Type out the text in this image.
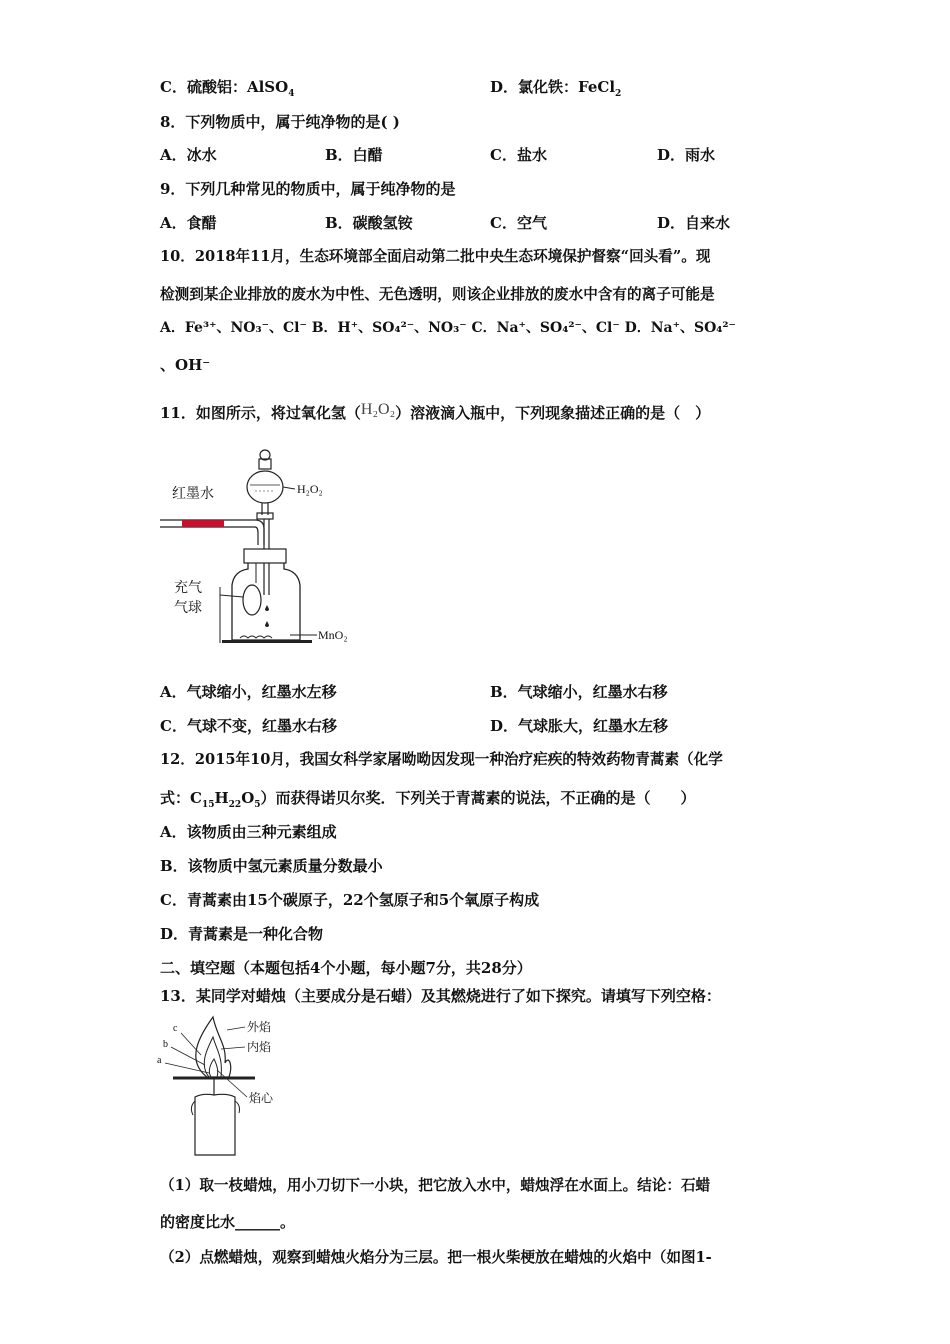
C．硫酸铝：AlSO$_4$	D．氯化铁：FeCl$_2$
8．下列物质中，属于纯净物的是( )
A．冰水	B．白醋	C．盐水	D．雨水
9．下列几种常见的物质中，属于纯净物的是
A．食醋	B．碳酸氢铵	C．空气	D．自来水
10．2018年11月，生态环境部全面启动第二批中央生态环境保护督察“回头看”。现
检测到某企业排放的废水为中性、无色透明，则该企业排放的废水中含有的离子可能是
A．Fe³⁺、NO₃⁻、Cl⁻ B．H⁺、SO₄²⁻、NO₃⁻ C．Na⁺、SO₄²⁻、Cl⁻ D．Na⁺、SO₄²⁻
、OH⁻
11．如图所示，将过氧化氢（H₂O₂）溶液滴入瓶中，下列现象描述正确的是（　）
红墨水	H₂O₂
充气
气球
MnO₂
A．气球缩小，红墨水左移	B．气球缩小，红墨水右移
C．气球不变，红墨水右移	D．气球胀大，红墨水左移
12．2015年10月，我国女科学家屠呦呦因发现一种治疗疟疾的特效药物青蒿素（化学
式：$C_{15}H_{22}O_5$）而获得诺贝尔奖．下列关于青蒿素的说法，不正确的是（　　）
A．该物质由三种元素组成
B．该物质中氢元素质量分数最小
C．青蒿素由15个碳原子，22个氢原子和5个氧原子构成
D．青蒿素是一种化合物
二、填空题（本题包括4个小题，每小题7分，共28分）
13．某同学对蜡烛（主要成分是石蜡）及其燃烧进行了如下探究。请填写下列空格：
外焰
内焰
焰心
c
b
a
（1）取一枝蜡烛，用小刀切下一小块，把它放入水中，蜡烛浮在水面上。结论：石蜡
的密度比水______。
（2）点燃蜡烛，观察到蜡烛火焰分为三层。把一根火柴梗放在蜡烛的火焰中（如图1-
